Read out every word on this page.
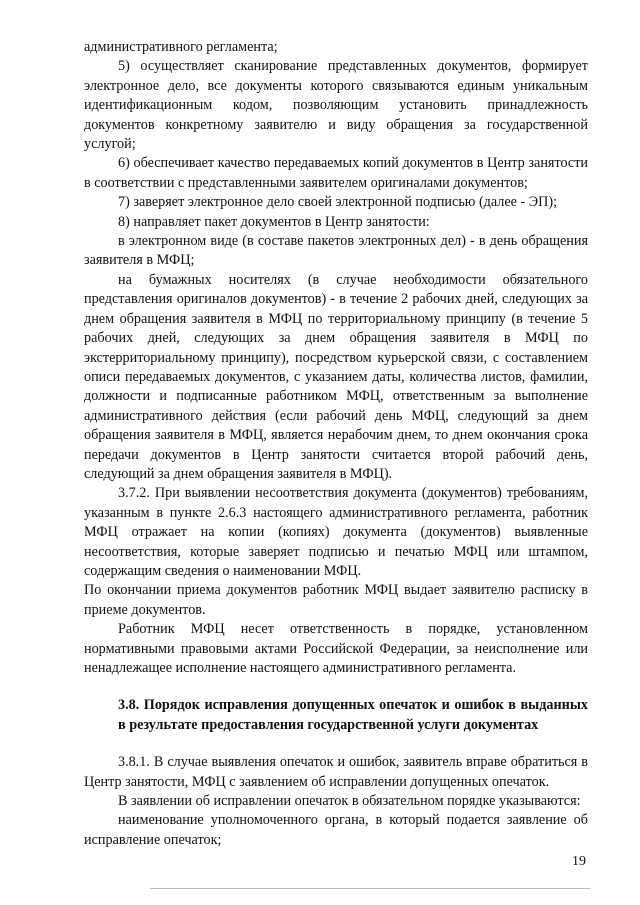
административного регламента;

5) осуществляет сканирование представленных документов, формирует электронное дело, все документы которого связываются единым уникальным идентификационным кодом, позволяющим установить принадлежность документов конкретному заявителю и виду обращения за государственной услугой;

6) обеспечивает качество передаваемых копий документов в Центр занятости в соответствии с представленными заявителем оригиналами документов;

7) заверяет электронное дело своей электронной подписью (далее - ЭП);

8) направляет пакет документов в Центр занятости:

в электронном виде (в составе пакетов электронных дел) - в день обращения заявителя в МФЦ;

на бумажных носителях (в случае необходимости обязательного представления оригиналов документов) - в течение 2 рабочих дней, следующих за днем обращения заявителя в МФЦ по территориальному принципу (в течение 5 рабочих дней, следующих за днем обращения заявителя в МФЦ по экстерриториальному принципу), посредством курьерской связи, с составлением описи передаваемых документов, с указанием даты, количества листов, фамилии, должности и подписанные работником МФЦ, ответственным за выполнение административного действия (если рабочий день МФЦ, следующий за днем обращения заявителя в МФЦ, является нерабочим днем, то днем окончания срока передачи документов в Центр занятости считается второй рабочий день, следующий за днем обращения заявителя в МФЦ).

3.7.2. При выявлении несоответствия документа (документов) требованиям, указанным в пункте 2.6.3 настоящего административного регламента, работник МФЦ отражает на копии (копиях) документа (документов) выявленные несоответствия, которые заверяет подписью и печатью МФЦ или штампом, содержащим сведения о наименовании МФЦ.

По окончании приема документов работник МФЦ выдает заявителю расписку в приеме документов.

Работник МФЦ несет ответственность в порядке, установленном нормативными правовыми актами Российской Федерации, за неисполнение или ненадлежащее исполнение настоящего административного регламента.

3.8. Порядок исправления допущенных опечаток и ошибок в выданных в результате предоставления государственной услуги документах

3.8.1. В случае выявления опечаток и ошибок, заявитель вправе обратиться в Центр занятости, МФЦ с заявлением об исправлении допущенных опечаток.

В заявлении об исправлении опечаток в обязательном порядке указываются:

наименование уполномоченного органа, в который подается заявление об исправление опечаток;

19
